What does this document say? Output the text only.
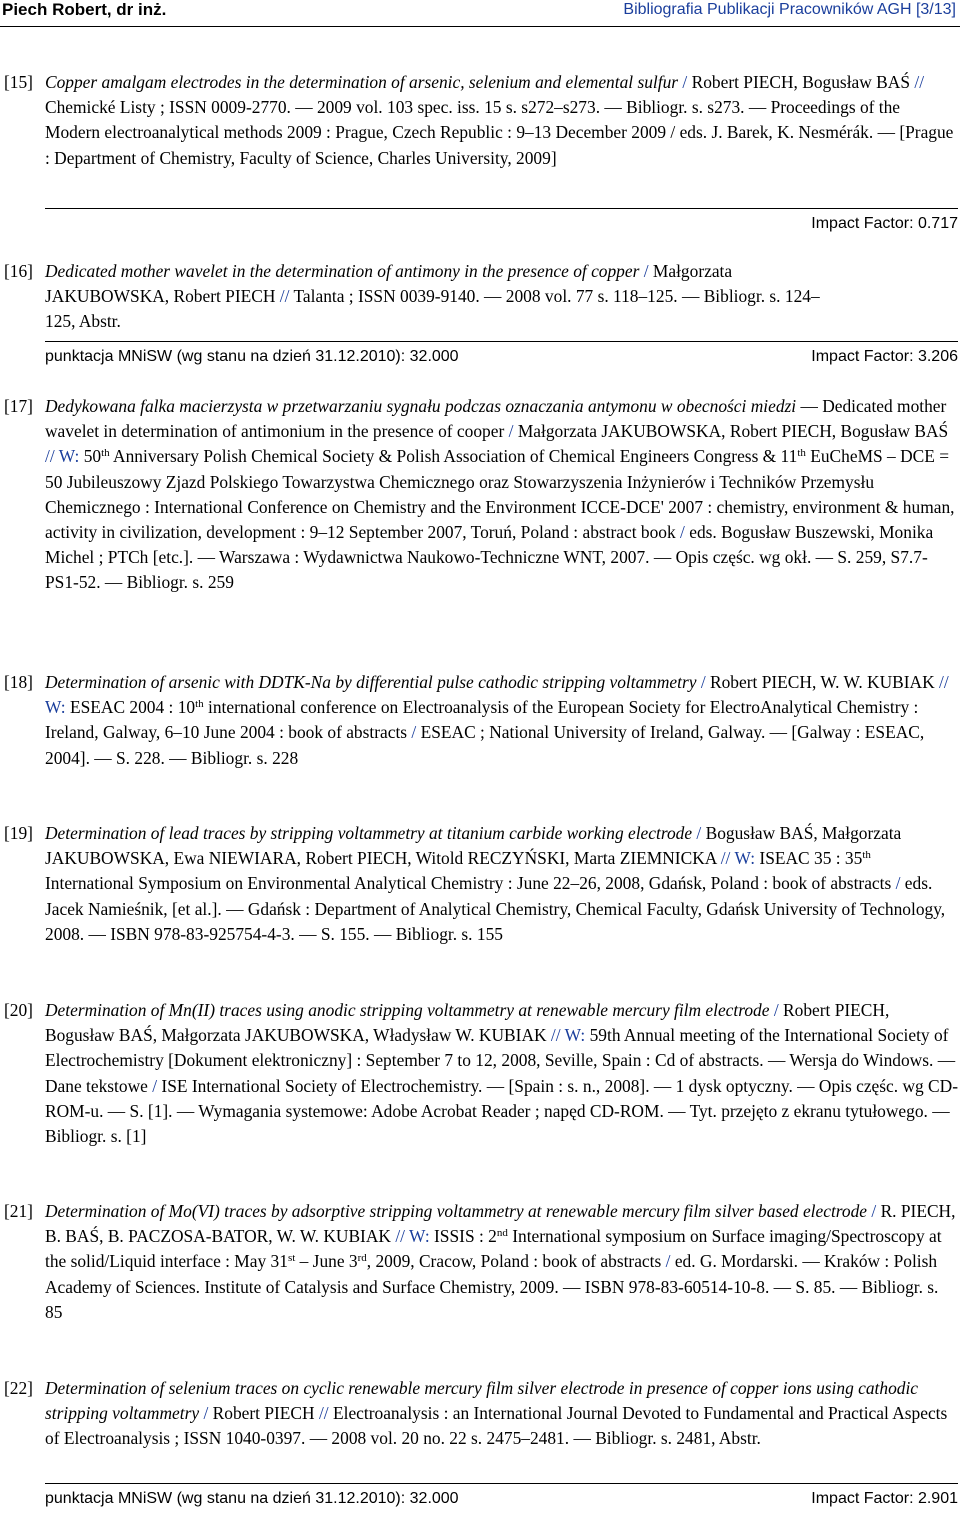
Piech Robert, dr inż.	Bibliografia Publikacji Pracowników AGH [3/13]
[15] Copper amalgam electrodes in the determination of arsenic, selenium and elemental sulfur / Robert PIECH, Bogusław BAŚ // Chemické Listy ; ISSN 0009-2770. — 2009 vol. 103 spec. iss. 15 s. s272–s273. — Bibliogr. s. s273. — Proceedings of the Modern electroanalytical methods 2009 : Prague, Czech Republic : 9–13 December 2009 / eds. J. Barek, K. Nesmérák. — [Prague : Department of Chemistry, Faculty of Science, Charles University, 2009]
Impact Factor: 0.717
[16] Dedicated mother wavelet in the determination of antimony in the presence of copper / Małgorzata JAKUBOWSKA, Robert PIECH // Talanta ; ISSN 0039-9140. — 2008 vol. 77 s. 118–125. — Bibliogr. s. 124–125, Abstr.
punktacja MNiSW (wg stanu na dzień 31.12.2010): 32.000	Impact Factor: 3.206
[17] Dedykowana falka macierzysta w przetwarzaniu sygnału podczas oznaczania antymonu w obecności miedzi — Dedicated mother wavelet in determination of antimonium in the presence of cooper / Małgorzata JAKUBOWSKA, Robert PIECH, Bogusław BAŚ // W: 50th Anniversary Polish Chemical Society & Polish Association of Chemical Engineers Congress & 11th EuCheMS – DCE = 50 Jubileuszowy Zjazd Polskiego Towarzystwa Chemicznego oraz Stowarzyszenia Inżynierów i Techników Przemysłu Chemicznego : International Conference on Chemistry and the Environment ICCE-DCE' 2007 : chemistry, environment & human, activity in civilization, development : 9–12 September 2007, Toruń, Poland : abstract book / eds. Bogusław Buszewski, Monika Michel ; PTCh [etc.]. — Warszawa : Wydawnictwa Naukowo-Techniczne WNT, 2007. — Opis częśc. wg okł. — S. 259, S7.7-PS1-52. — Bibliogr. s. 259
[18] Determination of arsenic with DDTK-Na by differential pulse cathodic stripping voltammetry / Robert PIECH, W. W. KUBIAK // W: ESEAC 2004 : 10th international conference on Electroanalysis of the European Society for ElectroAnalytical Chemistry : Ireland, Galway, 6–10 June 2004 : book of abstracts / ESEAC ; National University of Ireland, Galway. — [Galway : ESEAC, 2004]. — S. 228. — Bibliogr. s. 228
[19] Determination of lead traces by stripping voltammetry at titanium carbide working electrode / Bogusław BAŚ, Małgorzata JAKUBOWSKA, Ewa NIEWIARA, Robert PIECH, Witold RECZYŃSKI, Marta ZIEMNICKA // W: ISEAC 35 : 35th International Symposium on Environmental Analytical Chemistry : June 22–26, 2008, Gdańsk, Poland : book of abstracts / eds. Jacek Namieśnik, [et al.]. — Gdańsk : Department of Analytical Chemistry, Chemical Faculty, Gdańsk University of Technology, 2008. — ISBN 978-83-925754-4-3. — S. 155. — Bibliogr. s. 155
[20] Determination of Mn(II) traces using anodic stripping voltammetry at renewable mercury film electrode / Robert PIECH, Bogusław BAŚ, Małgorzata JAKUBOWSKA, Władysław W. KUBIAK // W: 59th Annual meeting of the International Society of Electrochemistry [Dokument elektroniczny] : September 7 to 12, 2008, Seville, Spain : Cd of abstracts. — Wersja do Windows. — Dane tekstowe / ISE International Society of Electrochemistry. — [Spain : s. n., 2008]. — 1 dysk optyczny. — Opis częśc. wg CD-ROM-u. — S. [1]. — Wymagania systemowe: Adobe Acrobat Reader ; napęd CD-ROM. — Tyt. przejęto z ekranu tytułowego. — Bibliogr. s. [1]
[21] Determination of Mo(VI) traces by adsorptive stripping voltammetry at renewable mercury film silver based electrode / R. PIECH, B. BAŚ, B. PACZOSA-BATOR, W. W. KUBIAK // W: ISSIS : 2nd International symposium on Surface imaging/Spectroscopy at the solid/Liquid interface : May 31st – June 3rd, 2009, Cracow, Poland : book of abstracts / ed. G. Mordarski. — Kraków : Polish Academy of Sciences. Institute of Catalysis and Surface Chemistry, 2009. — ISBN 978-83-60514-10-8. — S. 85. — Bibliogr. s. 85
[22] Determination of selenium traces on cyclic renewable mercury film silver electrode in presence of copper ions using cathodic stripping voltammetry / Robert PIECH // Electroanalysis : an International Journal Devoted to Fundamental and Practical Aspects of Electroanalysis ; ISSN 1040-0397. — 2008 vol. 20 no. 22 s. 2475–2481. — Bibliogr. s. 2481, Abstr.
punktacja MNiSW (wg stanu na dzień 31.12.2010): 32.000	Impact Factor: 2.901
